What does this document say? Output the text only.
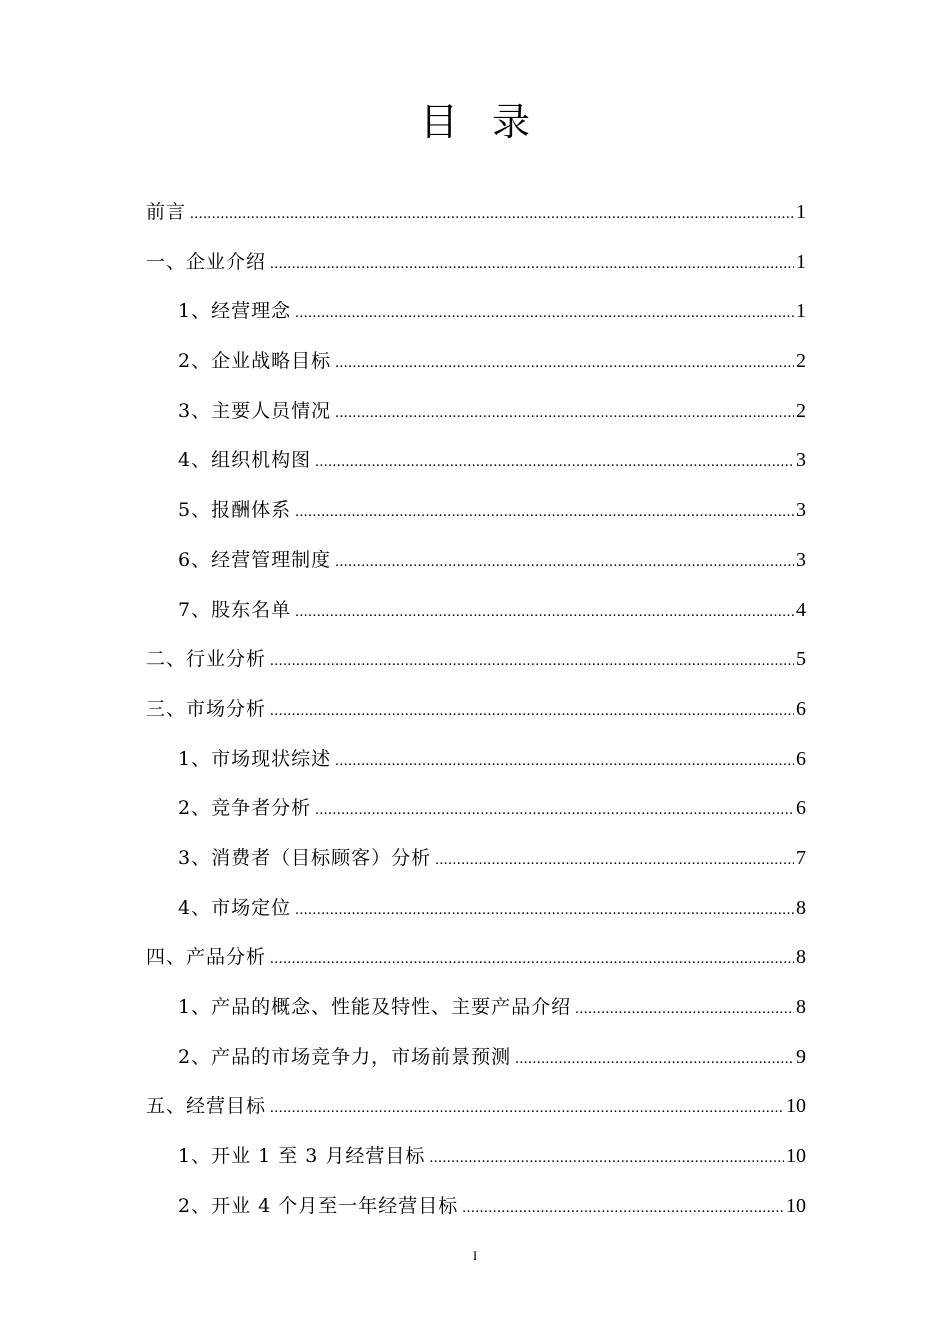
目录
前言 .....	1
一、企业介绍 .....	1
1、经营理念 .....	1
2、企业战略目标 .....	2
3、主要人员情况 .....	2
4、组织机构图 .....	3
5、报酬体系 .....	3
6、经营管理制度 .....	3
7、股东名单 .....	4
二、行业分析 .....	5
三、市场分析 .....	6
1、市场现状综述 .....	6
2、竞争者分析 .....	6
3、消费者（目标顾客）分析 .....	7
4、市场定位 .....	8
四、产品分析 .....	8
1、产品的概念、性能及特性、主要产品介绍 .....	8
2、产品的市场竞争力，市场前景预测 .....	9
五、经营目标 .....	10
1、开业 1 至 3 月经营目标 .....	10
2、开业 4 个月至一年经营目标 .....	10
I
